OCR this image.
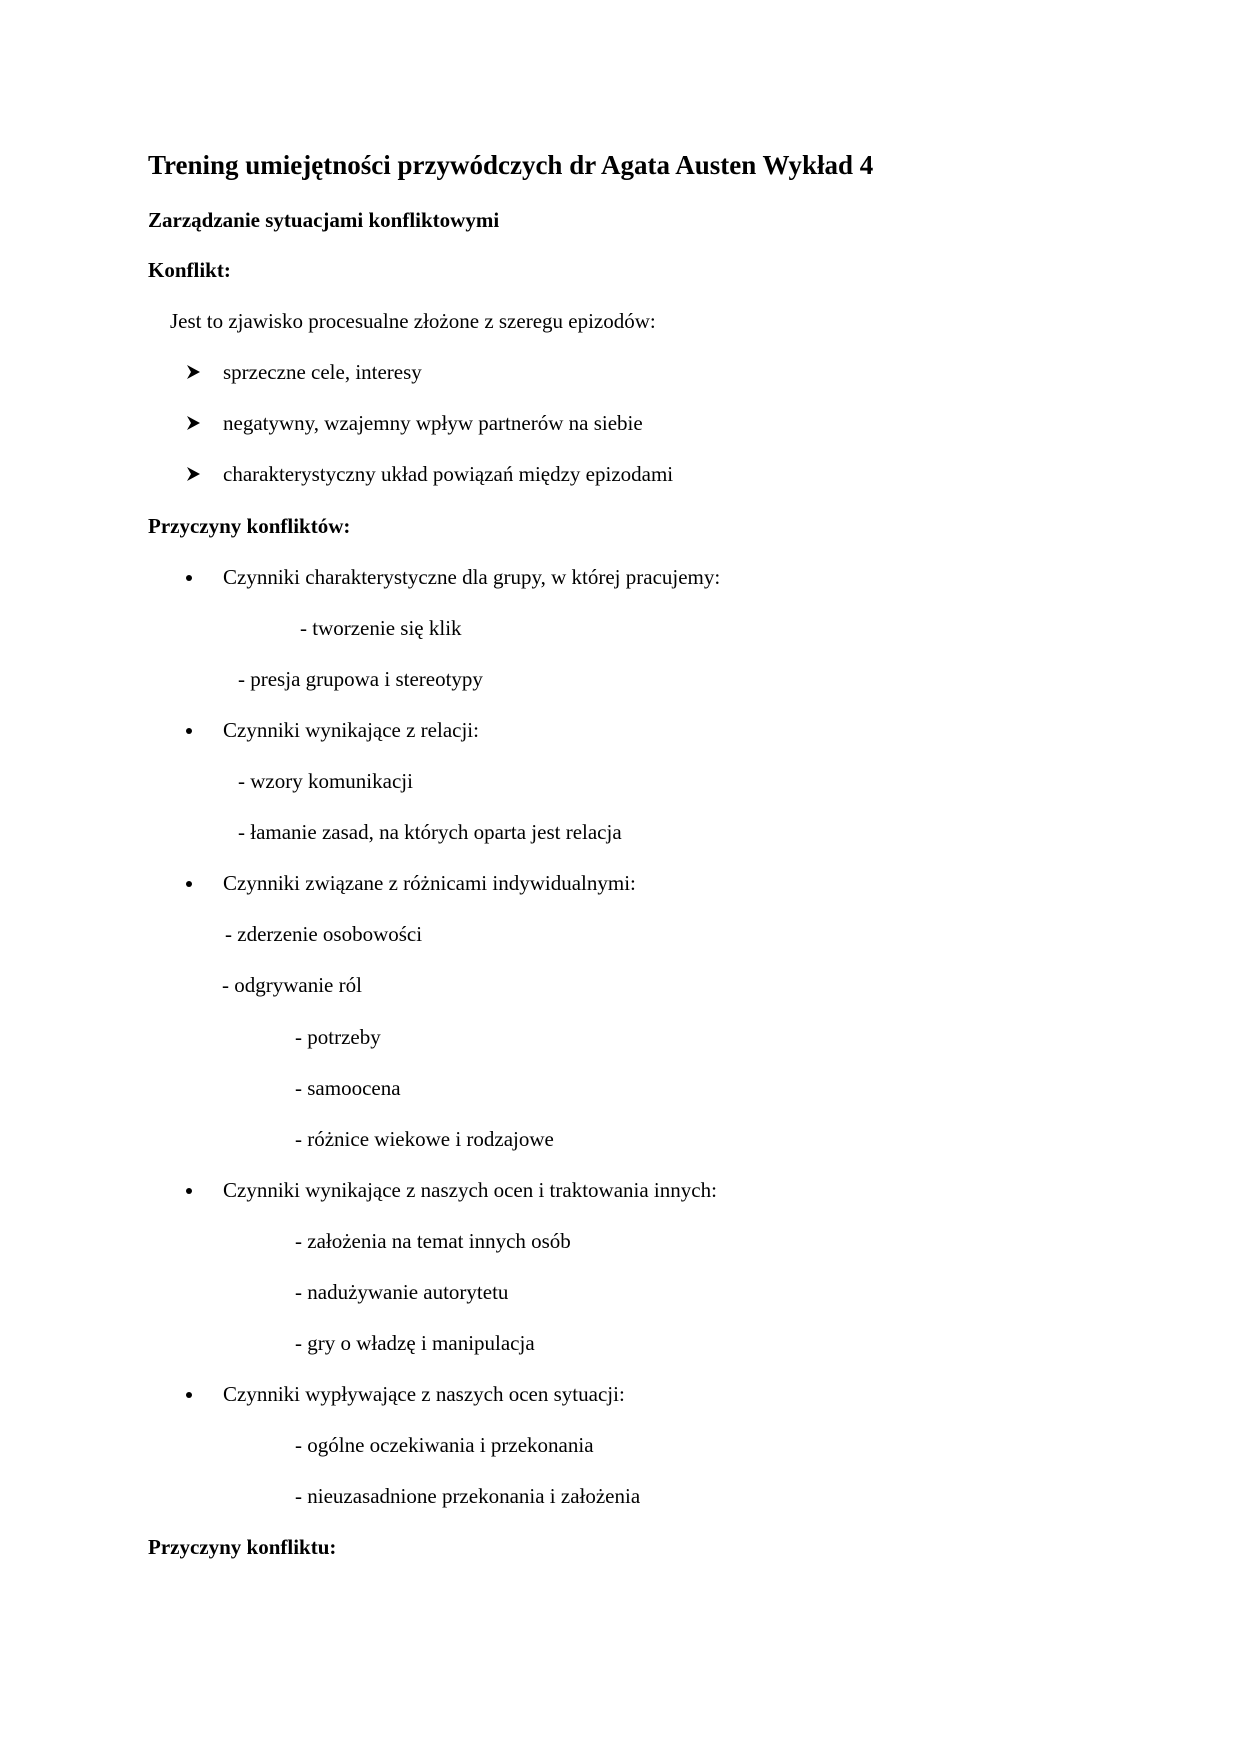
Trening umiejętności przywódczych dr Agata Austen Wykład 4
Zarządzanie sytuacjami konfliktowymi
Konflikt:
Jest to zjawisko procesualne złożone z szeregu epizodów:
sprzeczne cele, interesy
negatywny, wzajemny wpływ partnerów na siebie
charakterystyczny układ powiązań między epizodami
Przyczyny konfliktów:
Czynniki charakterystyczne dla grupy, w której pracujemy:
- tworzenie się klik
- presja grupowa i stereotypy
Czynniki wynikające z relacji:
- wzory komunikacji
- łamanie zasad, na których oparta jest relacja
Czynniki związane z różnicami indywidualnymi:
- zderzenie osobowości
- odgrywanie ról
- potrzeby
- samoocena
- różnice wiekowe i rodzajowe
Czynniki wynikające z naszych ocen i traktowania innych:
- założenia na temat innych osób
- nadużywanie autorytetu
- gry o władzę i manipulacja
Czynniki wypływające z naszych ocen sytuacji:
- ogólne oczekiwania i przekonania
- nieuzasadnione przekonania i założenia
Przyczyny konfliktu:
